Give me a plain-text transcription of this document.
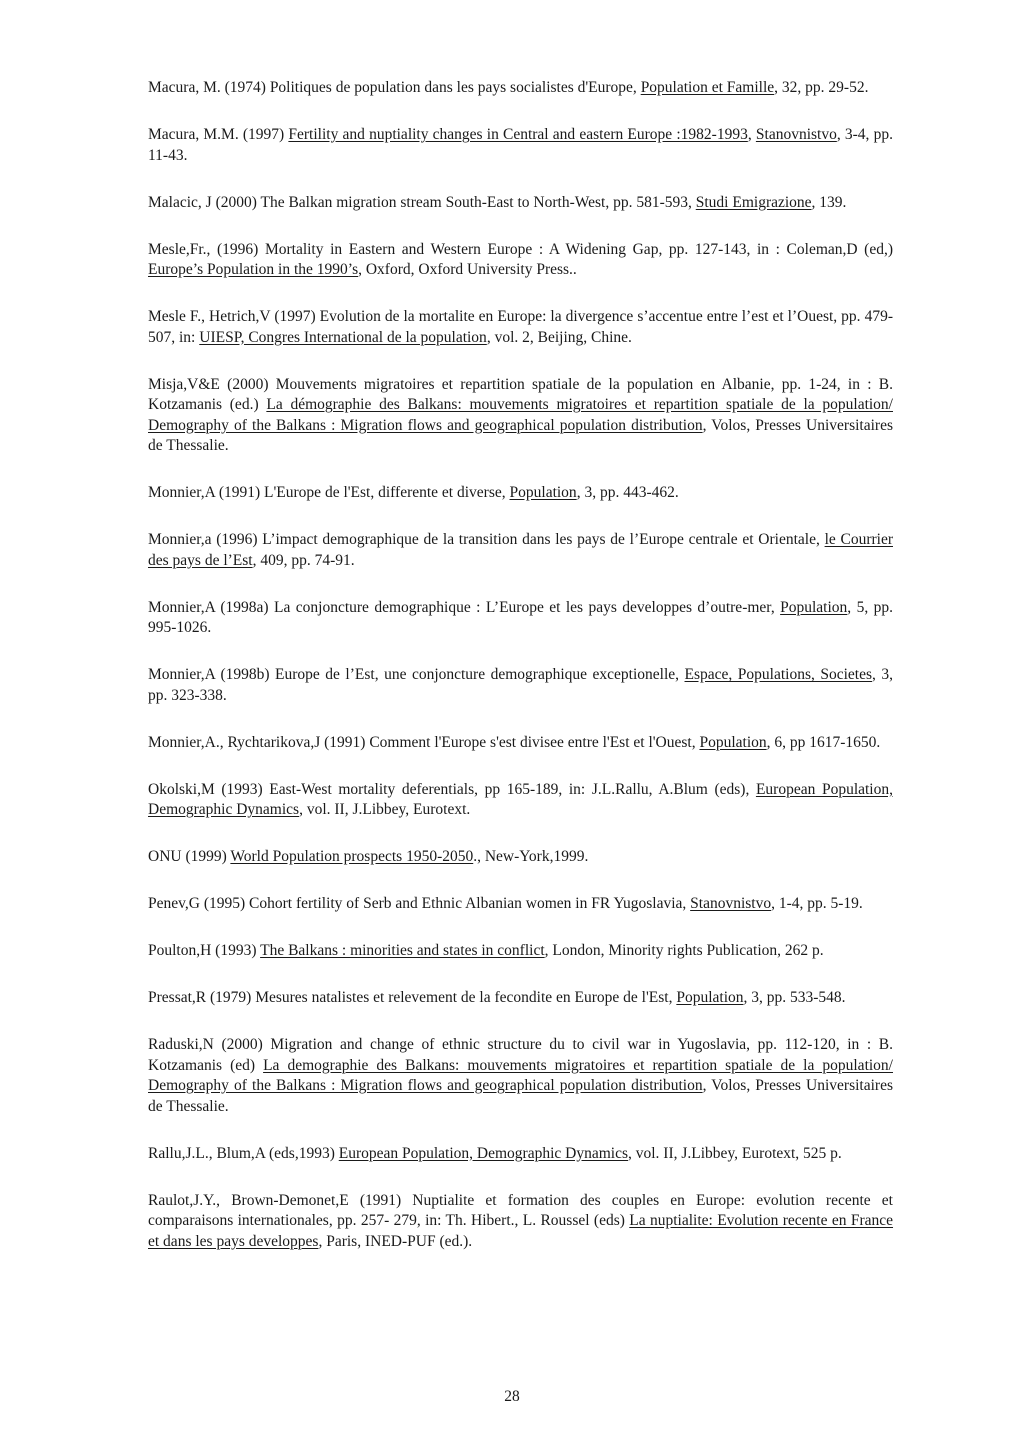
Macura, M. (1974) Politiques de population dans les pays socialistes d'Europe, Population et Famille, 32, pp. 29-52.

Macura, M.M. (1997) Fertility and nuptiality changes in Central and eastern Europe :1982-1993, Stanovnistvo, 3-4, pp. 11-43.

Malacic, J (2000) The Balkan migration stream South-East to North-West, pp. 581-593, Studi Emigrazione, 139.

Mesle,Fr., (1996) Mortality in Eastern and Western Europe : A Widening Gap, pp. 127-143, in : Coleman,D (ed,) Europe’s Population in the 1990’s, Oxford, Oxford University Press..

Mesle F., Hetrich,V (1997) Evolution de la mortalite en Europe: la divergence s’accentue entre l’est et l’Ouest, pp. 479-507, in: UIESP, Congres International de la population, vol. 2, Beijing, Chine.

Misja,V&E (2000) Mouvements migratoires et repartition spatiale de la population en Albanie, pp. 1-24, in : B. Kotzamanis (ed.) La démographie des Balkans: mouvements migratoires et repartition spatiale de la population/ Demography of the Balkans : Migration flows and geographical population distribution, Volos, Presses Universitaires de Thessalie.

Monnier,A (1991) L'Europe de l'Est, differente et diverse, Population, 3, pp. 443-462.

Monnier,a (1996) L’impact demographique de la transition dans les pays de l’Europe centrale et Orientale, le Courrier des pays de l’Est, 409, pp. 74-91.

Monnier,A (1998a) La conjoncture demographique : L’Europe et les pays developpes d’outre-mer, Population, 5, pp. 995-1026.

Monnier,A (1998b) Europe de l’Est, une conjoncture demographique exceptionelle, Espace, Populations, Societes, 3, pp. 323-338.

Monnier,A., Rychtarikova,J (1991) Comment l'Europe s'est divisee entre l'Est et l'Ouest, Population, 6, pp 1617-1650.

Okolski,M (1993) East-West mortality deferentials, pp 165-189, in: J.L.Rallu, A.Blum (eds), European Population, Demographic Dynamics, vol. II, J.Libbey, Eurotext.

ONU (1999) World Population prospects 1950-2050., New-York,1999.

Penev,G (1995) Cohort fertility of Serb and Ethnic Albanian women in FR Yugoslavia, Stanovnistvo, 1-4, pp. 5-19.

Poulton,H (1993) The Balkans : minorities and states in conflict, London, Minority rights Publication, 262 p.

Pressat,R (1979) Mesures natalistes et relevement de la fecondite en Europe de l'Est, Population, 3, pp. 533-548.

Raduski,N (2000) Migration and change of ethnic structure du to civil war in Yugoslavia, pp. 112-120, in : B. Kotzamanis (ed) La demographie des Balkans: mouvements migratoires et repartition spatiale de la population/ Demography of the Balkans : Migration flows and geographical population distribution, Volos, Presses Universitaires de Thessalie.

Rallu,J.L., Blum,A (eds,1993) European Population, Demographic Dynamics, vol. II, J.Libbey, Eurotext, 525 p.

Raulot,J.Y., Brown-Demonet,E (1991) Nuptialite et formation des couples en Europe: evolution recente et comparaisons internationales, pp. 257- 279, in: Th. Hibert., L. Roussel (eds) La nuptialite: Evolution recente en France et dans les pays developpes, Paris, INED-PUF (ed.).

28
